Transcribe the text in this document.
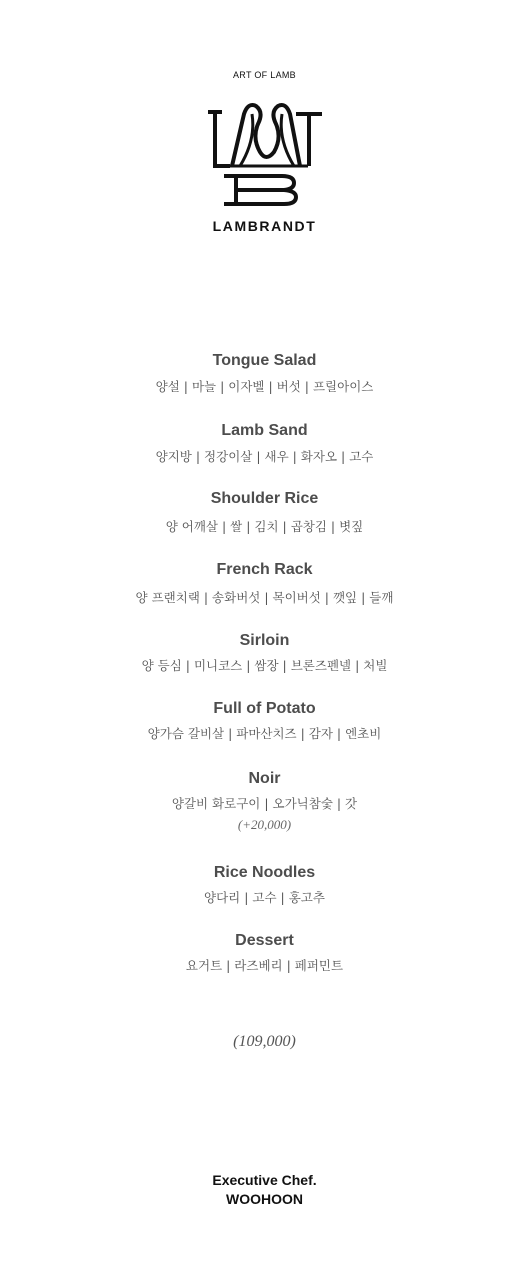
ART OF LAMB
LAMBRANDT
Tongue Salad
양설 | 마늘 | 이자벨 | 버섯 | 프릴아이스
Lamb Sand
양지방 | 정강이살 | 새우 | 화자오 | 고수
Shoulder Rice
양 어깨살 | 쌀 | 김치 | 곱창김 | 볏짚
French Rack
양 프랜치랙 | 송화버섯 | 목이버섯 | 깻잎 | 들깨
Sirloin
양 등심 | 미니코스 | 쌈장 | 브론즈펜넬 | 처빌
Full of Potato
양가슴 갈비살 | 파마산치즈 | 감자 | 엔초비
Noir
양갈비 화로구이 | 오가닉참숯 | 갓
(+20,000)
Rice Noodles
양다리 | 고수 | 홍고추
Dessert
요거트 | 라즈베리 | 페퍼민트
(109,000)
Executive Chef.
WOOHOON
